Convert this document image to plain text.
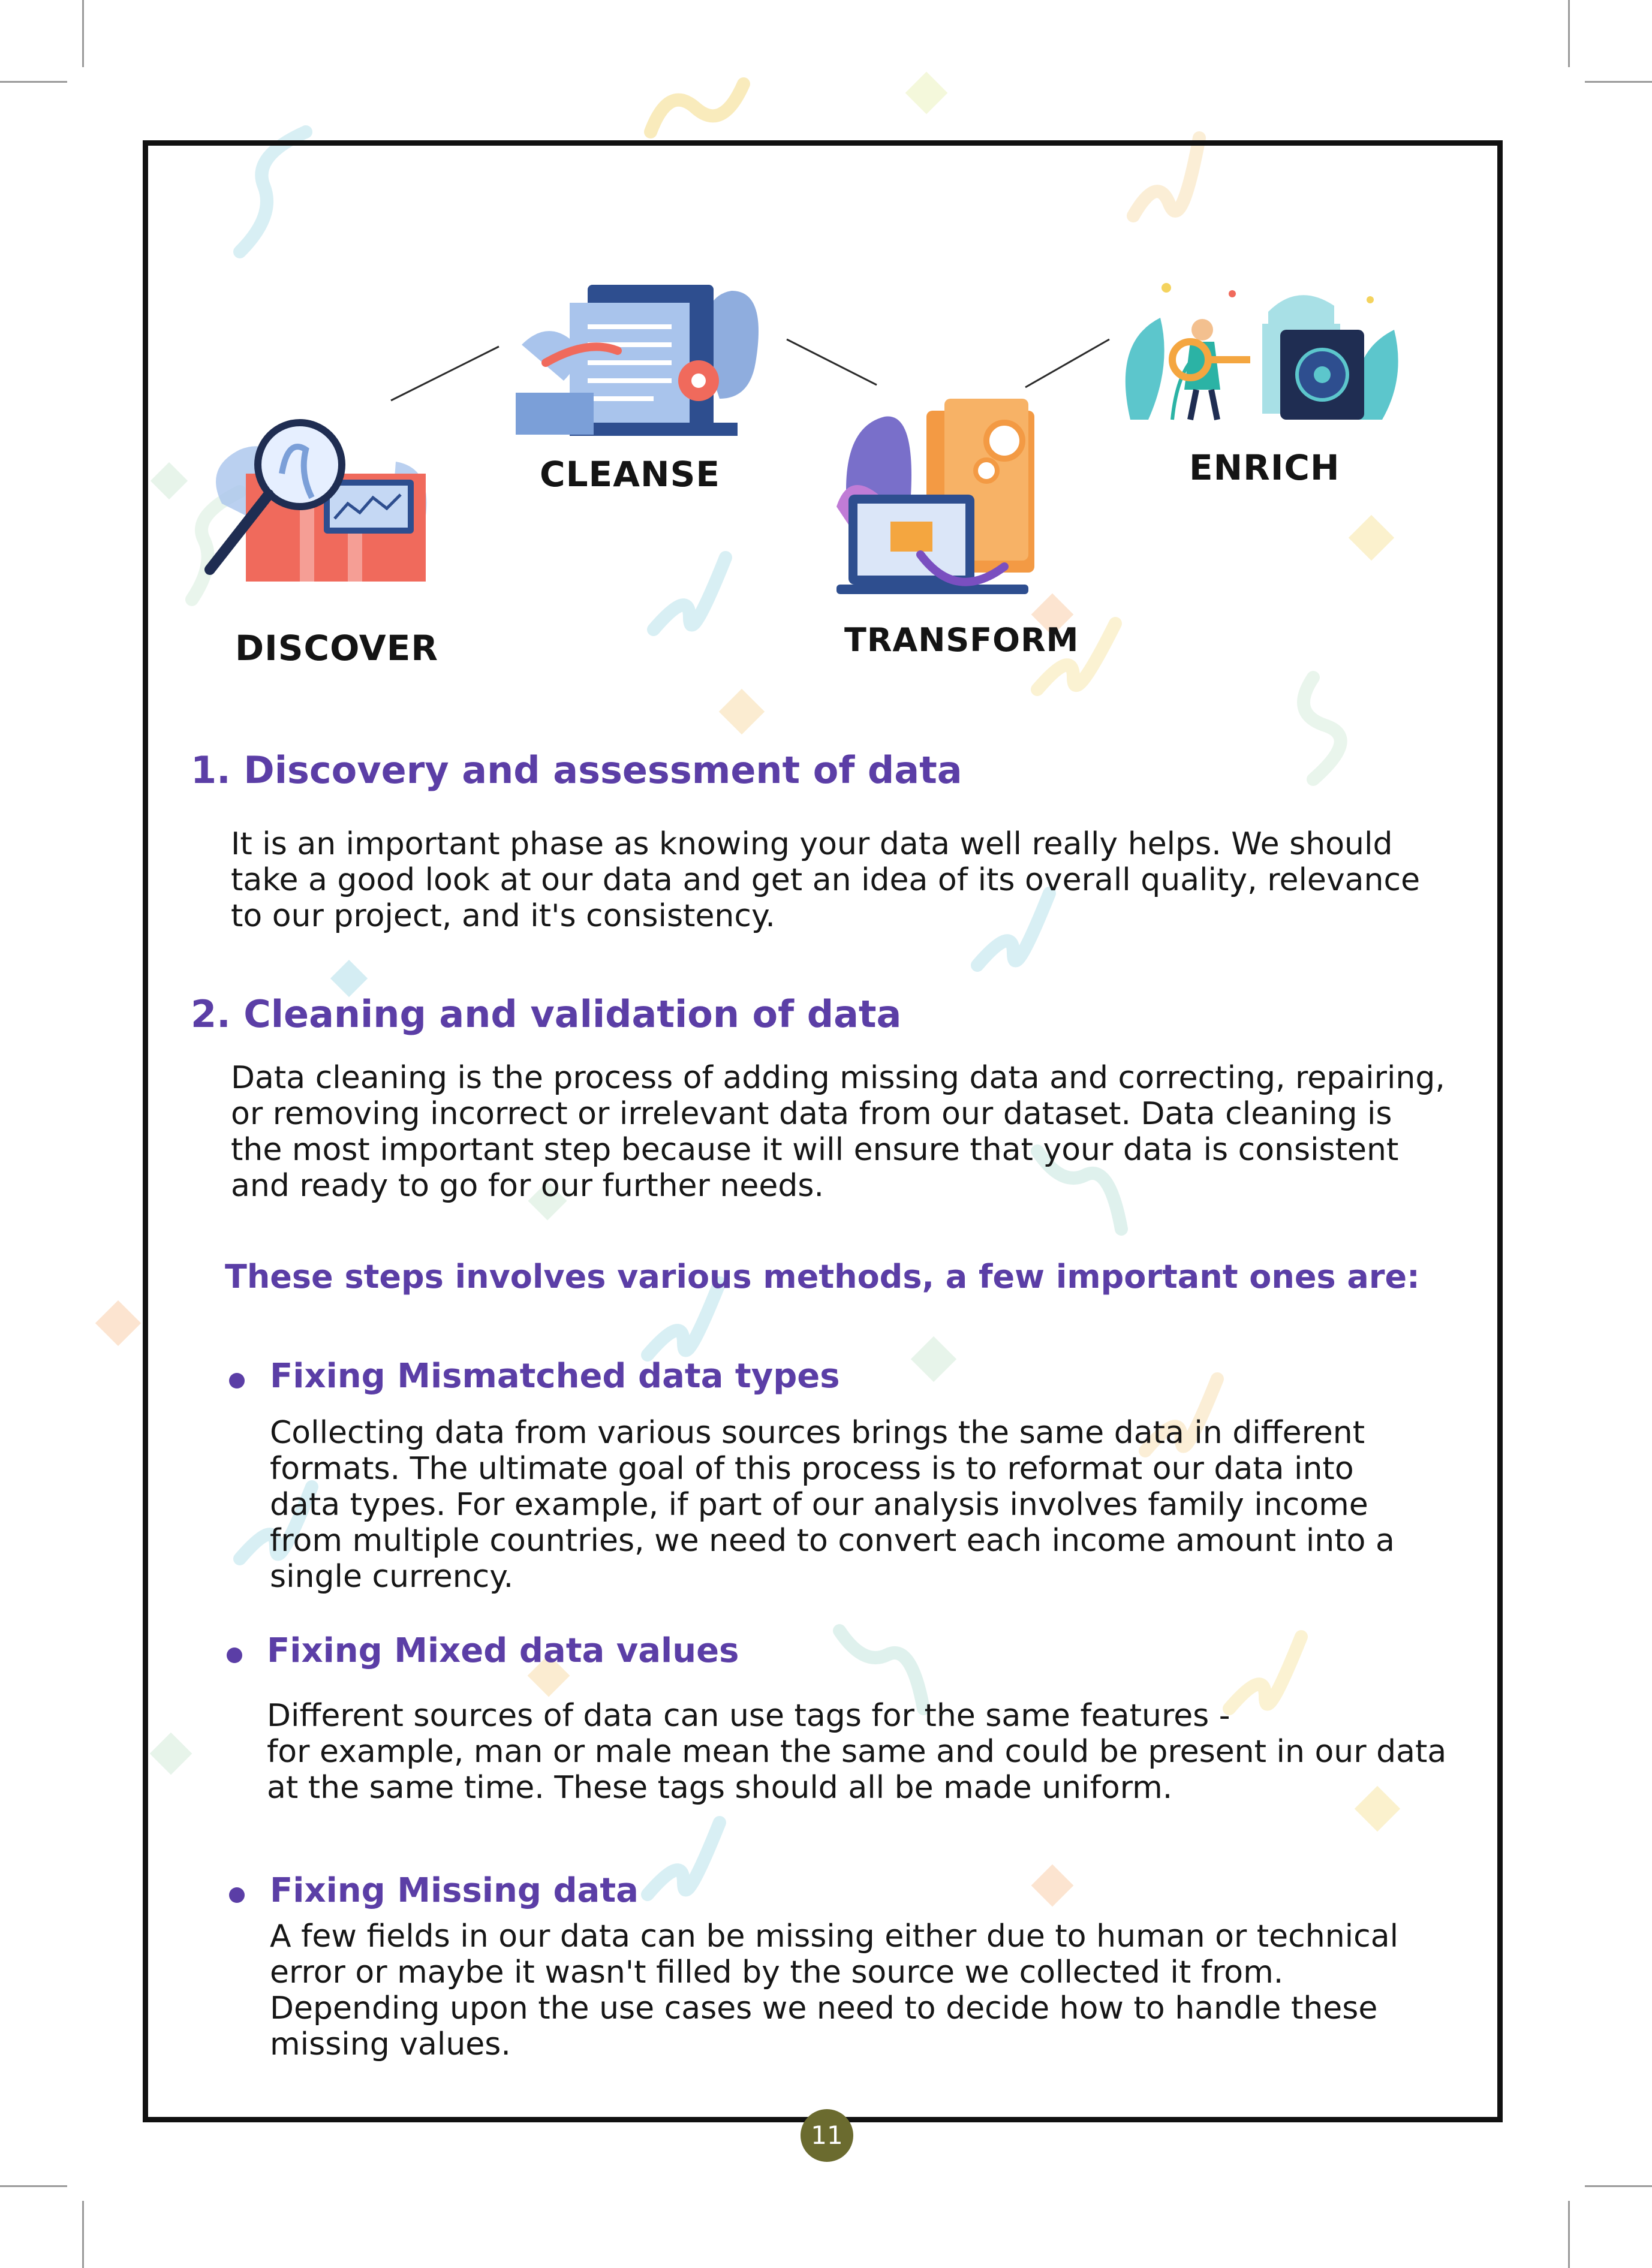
DISCOVER
CLEANSE
TRANSFORM
ENRICH
1. Discovery and assessment of data

It is an important phase as knowing your data well really helps. We should

take a good look at our data and get an idea of its overall quality, relevance

to our project, and it's consistency.

2. Cleaning and validation of data

Data cleaning is the process of adding missing data and correcting, repairing,

or removing incorrect or irrelevant data from our dataset. Data cleaning is

the most important step because it will ensure that your data is consistent

and ready to go for our further needs.

These steps involves various methods, a few important ones are:
Fixing Mismatched data types

Collecting data from various sources brings the same data in different

formats. The ultimate goal of this process is to reformat our data into

data types. For example, if part of our analysis involves family income

from multiple countries, we need to convert each income amount into a

single currency.

Fixing Mixed data values

Different sources of data can use tags for the same features -

for example, man or male mean the same and could be present in our data

at the same time. These tags should all be made uniform.

Fixing Missing data

A few fields in our data can be missing either due to human or technical

error or maybe it wasn't filled by the source we collected it from.

Depending upon the use cases we need to decide how to handle these

missing values.

11
